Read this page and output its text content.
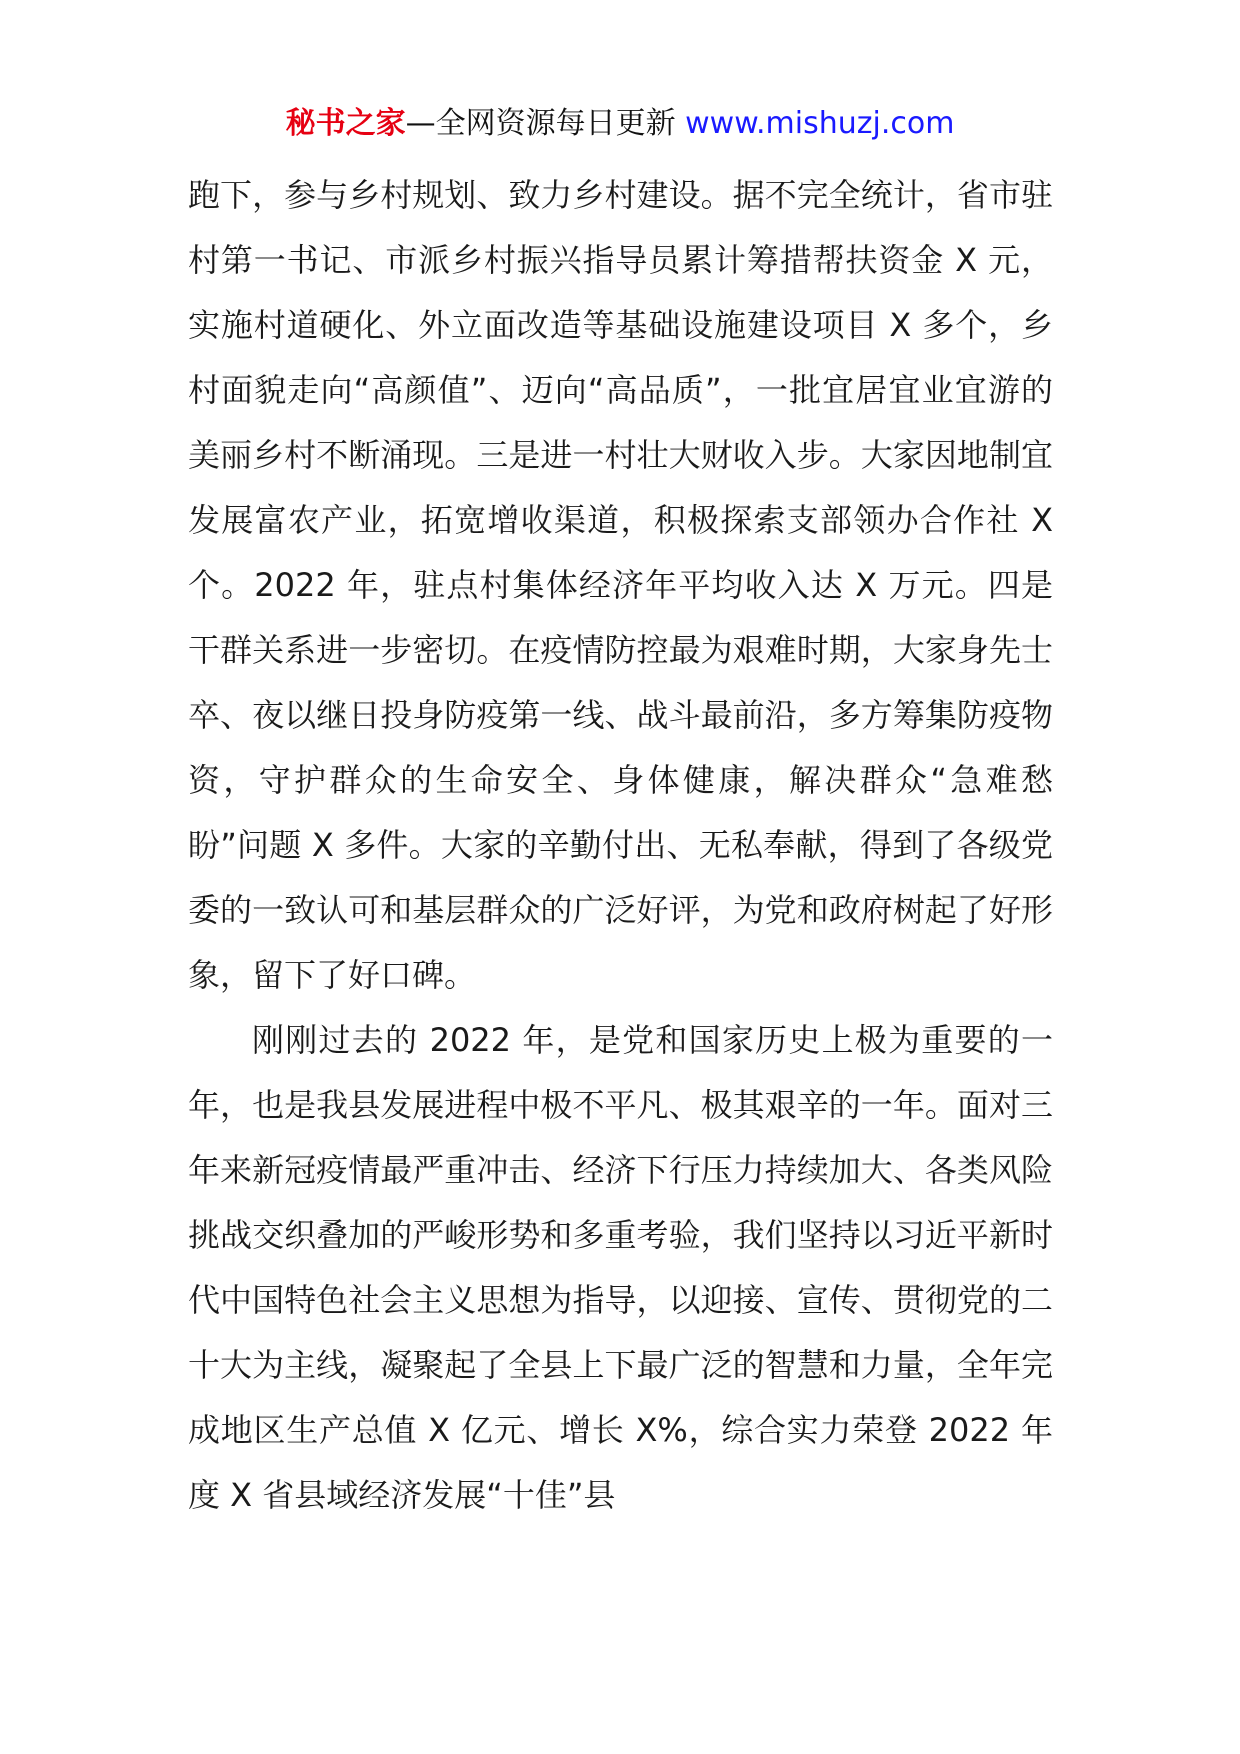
秘书之家—全网资源每日更新 www.mishuzj.com

跑下，参与乡村规划、致力乡村建设。据不完全统计，省市驻村第一书记、市派乡村振兴指导员累计筹措帮扶资金 X 元，实施村道硬化、外立面改造等基础设施建设项目 X 多个，乡村面貌走向“高颜值”、迈向“高品质”，一批宜居宜业宜游的美丽乡村不断涌现。三是进一村壮大财收入步。大家因地制宜发展富农产业，拓宽增收渠道，积极探索支部领办合作社 X 个。2022 年，驻点村集体经济年平均收入达 X 万元。四是干群关系进一步密切。在疫情防控最为艰难时期，大家身先士卒、夜以继日投身防疫第一线、战斗最前沿，多方筹集防疫物资，守护群众的生命安全、身体健康，解决群众“急难愁盼”问题 X 多件。大家的辛勤付出、无私奉献，得到了各级党委的一致认可和基层群众的广泛好评，为党和政府树起了好形象，留下了好口碑。

刚刚过去的 2022 年，是党和国家历史上极为重要的一年，也是我县发展进程中极不平凡、极其艰辛的一年。面对三年来新冠疫情最严重冲击、经济下行压力持续加大、各类风险挑战交织叠加的严峻形势和多重考验，我们坚持以习近平新时代中国特色社会主义思想为指导，以迎接、宣传、贯彻党的二十大为主线，凝聚起了全县上下最广泛的智慧和力量，全年完成地区生产总值 X 亿元、增长 X%，综合实力荣登 2022 年度 X 省县域经济发展“十佳”县
